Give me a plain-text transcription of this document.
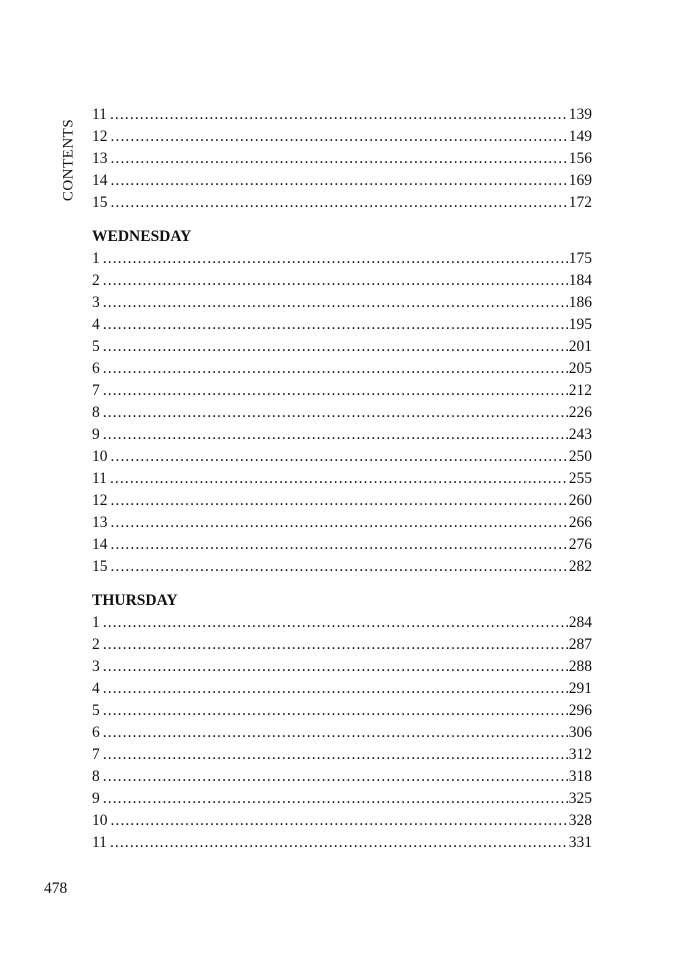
CONTENTS
11 .....	139
12 .....	149
13 .....	156
14 .....	169
15 .....	172
WEDNESDAY
1 .....	175
2 .....	184
3 .....	186
4 .....	195
5 .....	201
6 .....	205
7 .....	212
8 .....	226
9 .....	243
10 .....	250
11 .....	255
12 .....	260
13 .....	266
14 .....	276
15 .....	282
THURSDAY
1 .....	284
2 .....	287
3 .....	288
4 .....	291
5 .....	296
6 .....	306
7 .....	312
8 .....	318
9 .....	325
10 .....	328
11 .....	331
478
